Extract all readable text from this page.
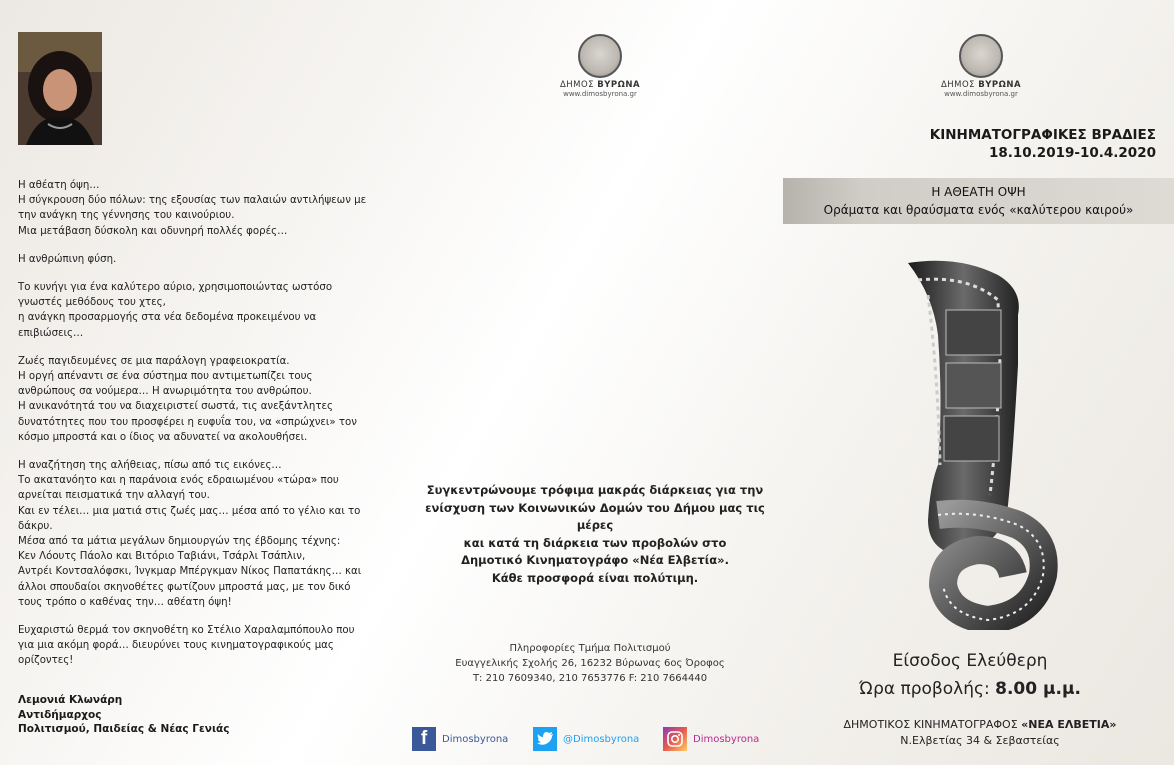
Η αθέατη όψη…
Η σύγκρουση δύο πόλων: της εξουσίας των παλαιών αντιλήψεων με
την ανάγκη της γέννησης του καινούριου.
Μια μετάβαση δύσκολη και οδυνηρή πολλές φορές…

Η ανθρώπινη φύση.

Το κυνήγι για ένα καλύτερο αύριο, χρησιμοποιώντας ωστόσο
γνωστές μεθόδους του χτες,
η ανάγκη προσαρμογής στα νέα δεδομένα προκειμένου να
επιβιώσεις…

Ζωές παγιδευμένες σε μια παράλογη γραφειοκρατία.
Η οργή απέναντι σε ένα σύστημα που αντιμετωπίζει τους
ανθρώπους σα νούμερα… Η ανωριμότητα του ανθρώπου.
Η ανικανότητά του να διαχειριστεί σωστά, τις ανεξάντλητες
δυνατότητες που του προσφέρει η ευφυΐα του, να «σπρώχνει» τον
κόσμο μπροστά και ο ίδιος να αδυνατεί να ακολουθήσει.

Η αναζήτηση της αλήθειας, πίσω από τις εικόνες…
Το ακατανόητο και η παράνοια ενός εδραιωμένου «τώρα» που
αρνείται πεισματικά την αλλαγή του.
Και εν τέλει… μια ματιά στις ζωές μας… μέσα από το γέλιο και το
δάκρυ.
Μέσα από τα μάτια μεγάλων δημιουργών της έβδομης τέχνης:
Κεν Λόουτς Πάολο και Βιτόριο Ταβιάνι, Τσάρλι Τσάπλιν,
Αντρέι Κοντσαλόφσκι, Ίνγκμαρ Μπέργκμαν Νίκος Παπατάκης… και
άλλοι σπουδαίοι σκηνοθέτες φωτίζουν μπροστά μας, με τον δικό
τους τρόπο ο καθένας την… αθέατη όψη!

Ευχαριστώ θερμά τον σκηνοθέτη κο Στέλιο Χαραλαμπόπουλο που
για μια ακόμη φορά… διευρύνει τους κινηματογραφικούς μας
ορίζοντες!

Λεμονιά Κλωνάρη
Αντιδήμαρχος
Πολιτισμού, Παιδείας & Νέας Γενιάς
ΔΗΜΟΣ ΒΥΡΩΝΑ
www.dimosbyrona.gr
Συγκεντρώνουμε τρόφιμα μακράς διάρκειας για την
ενίσχυση των Κοινωνικών Δομών του Δήμου μας τις μέρες
και κατά τη διάρκεια των προβολών στο
Δημοτικό Κινηματογράφο «Νέα Ελβετία».
Κάθε προσφορά είναι πολύτιμη.
Πληροφορίες Τμήμα Πολιτισμού
Ευαγγελικής Σχολής 26, 16232 Βύρωνας 6ος Όροφος
Τ: 210 7609340, 210 7653776 F: 210 7664440
f	Dimosbyrona	@Dimosbyrona	Dimosbyrona
ΔΗΜΟΣ ΒΥΡΩΝΑ
www.dimosbyrona.gr
ΚΙΝΗΜΑΤΟΓΡΑΦΙΚΕΣ ΒΡΑΔΙΕΣ
18.10.2019-10.4.2020
Η ΑΘΕΑΤΗ ΟΨΗ
Οράματα και θραύσματα ενός «καλύτερου καιρού»
Είσοδος Ελεύθερη
Ώρα προβολής: 8.00 μ.μ.
ΔΗΜΟΤΙΚΟΣ ΚΙΝΗΜΑΤΟΓΡΑΦΟΣ «ΝΕΑ ΕΛΒΕΤΙΑ»
Ν.Ελβετίας 34 & Σεβαστείας
